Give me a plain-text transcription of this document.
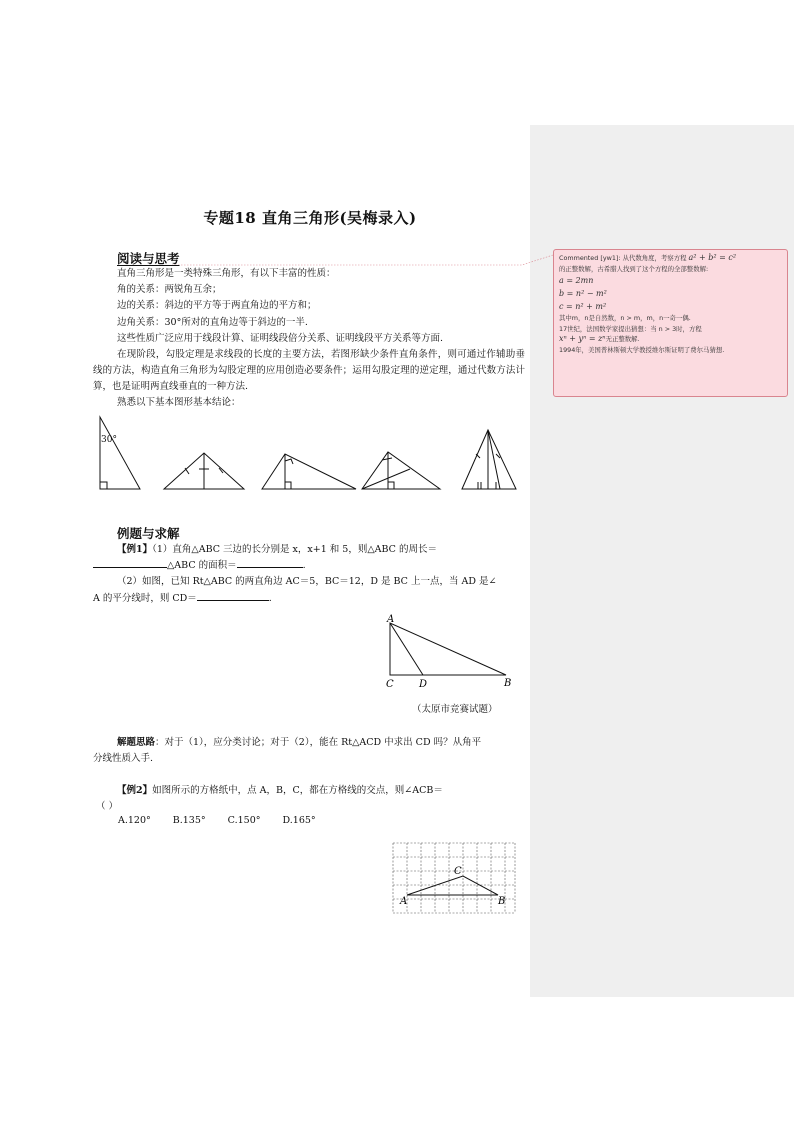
专题18 直角三角形(吴梅录入)
阅读与思考
直角三角形是一类特殊三角形，有以下丰富的性质：
角的关系：两锐角互余；
边的关系：斜边的平方等于两直角边的平方和；
边角关系：30°所对的直角边等于斜边的一半.
这些性质广泛应用于线段计算、证明线段倍分关系、证明线段平方关系等方面.
在现阶段，勾股定理是求线段的长度的主要方法，若图形缺少条件直角条件，则可通过作辅助垂线的方法，构造直角三角形为勾股定理的应用创造必要条件；运用勾股定理的逆定理，通过代数方法计算，也是证明两直线垂直的一种方法.
熟悉以下基本图形基本结论：
30°
例题与求解
【例1】（1）直角△ABC 三边的长分别是 x，x+1 和 5，则△ABC 的周长＝
△ABC 的面积＝	.
（2）如图，已知 Rt△ABC 的两直角边 AC＝5，BC＝12，D 是 BC 上一点，当 AD 是∠
A 的平分线时，则 CD＝	.
A
C	D	B
（太原市竞赛试题）
解题思路：对于（1），应分类讨论；对于（2），能在 Rt△ACD 中求出 CD 吗？从角平
分线性质入手.
【例2】如图所示的方格纸中，点 A，B，C，都在方格线的交点，则∠ACB＝
（ ）
A.120° B.135° C.150° D.165°
A	B
C
Commented [yw1]: 从代数角度，考察方程 a² + b² = c²
的正整数解，古希腊人找到了这个方程的全部整数解:
a = 2mn
b = n² − m²
c = n² + m²
其中m，n是自然数，n > m，m，n一奇一偶.
17世纪，法国数学家提出猜想：当 n > 3时，方程
xⁿ + yⁿ = zⁿ无正整数解.
1994年，美国普林斯顿大学教授维尔斯证明了费尔马猜想.
